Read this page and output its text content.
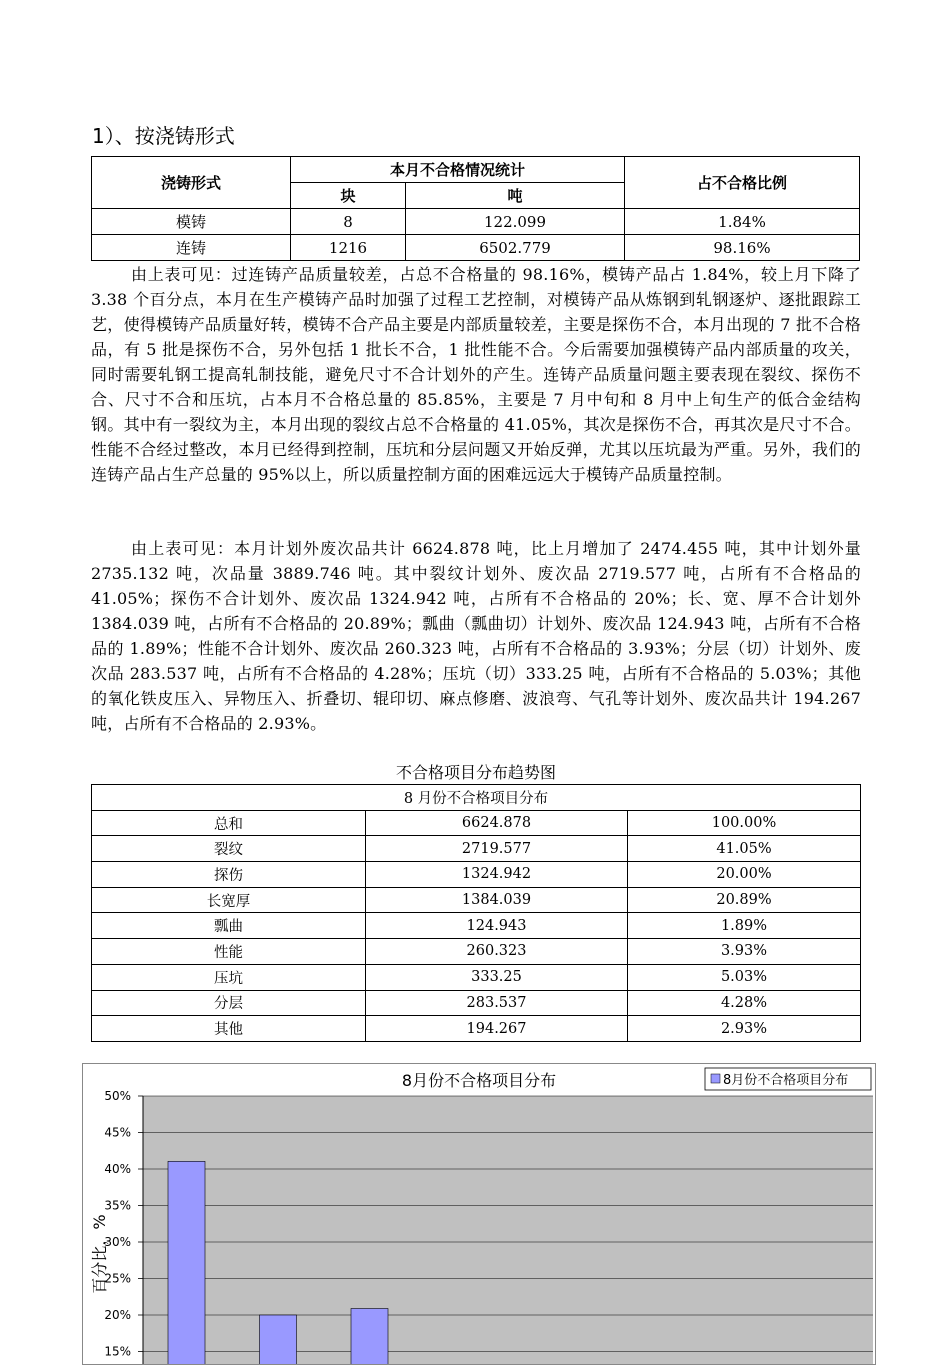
1）、按浇铸形式
浇铸形式	本月不合格情况统计		占不合格比例
	块	吨	
模铸	8	122.099	1.84%
连铸	1216	6502.779	98.16%

由上表可见：过连铸产品质量较差，占总不合格量的 98.16%，模铸产品占 1.84%，较上月下降了 3.38 个百分点，本月在生产模铸产品时加强了过程工艺控制，对模铸产品从炼钢到轧钢逐炉、逐批跟踪工艺，使得模铸产品质量好转，模铸不合产品主要是内部质量较差，主要是探伤不合，本月出现的 7 批不合格品，有 5 批是探伤不合，另外包括 1 批长不合，1 批性能不合。今后需要加强模铸产品内部质量的攻关，同时需要轧钢工提高轧制技能，避免尺寸不合计划外的产生。连铸产品质量问题主要表现在裂纹、探伤不合、尺寸不合和压坑，占本月不合格总量的 85.85%，主要是 7 月中旬和 8 月中上旬生产的低合金结构钢。其中有一裂纹为主，本月出现的裂纹占总不合格量的 41.05%，其次是探伤不合，再其次是尺寸不合。性能不合经过整改，本月已经得到控制，压坑和分层问题又开始反弹，尤其以压坑最为严重。另外，我们的连铸产品占生产总量的 95%以上，所以质量控制方面的困难远远大于模铸产品质量控制。

由上表可见：本月计划外废次品共计 6624.878 吨，比上月增加了 2474.455 吨，其中计划外量 2735.132 吨，次品量 3889.746 吨。其中裂纹计划外、废次品 2719.577 吨，占所有不合格品的 41.05%；探伤不合计划外、废次品 1324.942 吨，占所有不合格品的 20%；长、宽、厚不合计划外 1384.039 吨，占所有不合格品的 20.89%；瓢曲（瓢曲切）计划外、废次品 124.943 吨，占所有不合格品的 1.89%；性能不合计划外、废次品 260.323 吨，占所有不合格品的 3.93%；分层（切）计划外、废次品 283.537 吨，占所有不合格品的 4.28%；压坑（切）333.25 吨，占所有不合格品的 5.03%；其他的氧化铁皮压入、异物压入、折叠切、辊印切、麻点修磨、波浪弯、气孔等计划外、废次品共计 194.267 吨，占所有不合格品的 2.93%。

不合格项目分布趋势图
8 月份不合格项目分布		
总和	6624.878	100.00%
裂纹	2719.577	41.05%
探伤	1324.942	20.00%
长宽厚	1384.039	20.89%
瓢曲	124.943	1.89%
性能	260.323	3.93%
压坑	333.25	5.03%
分层	283.537	4.28%
其他	194.267	2.93%
8月份不合格项目分布	8月份不合格项目分布
百分比，%
15%
20%
25%
30%
35%
40%
45%
50%
